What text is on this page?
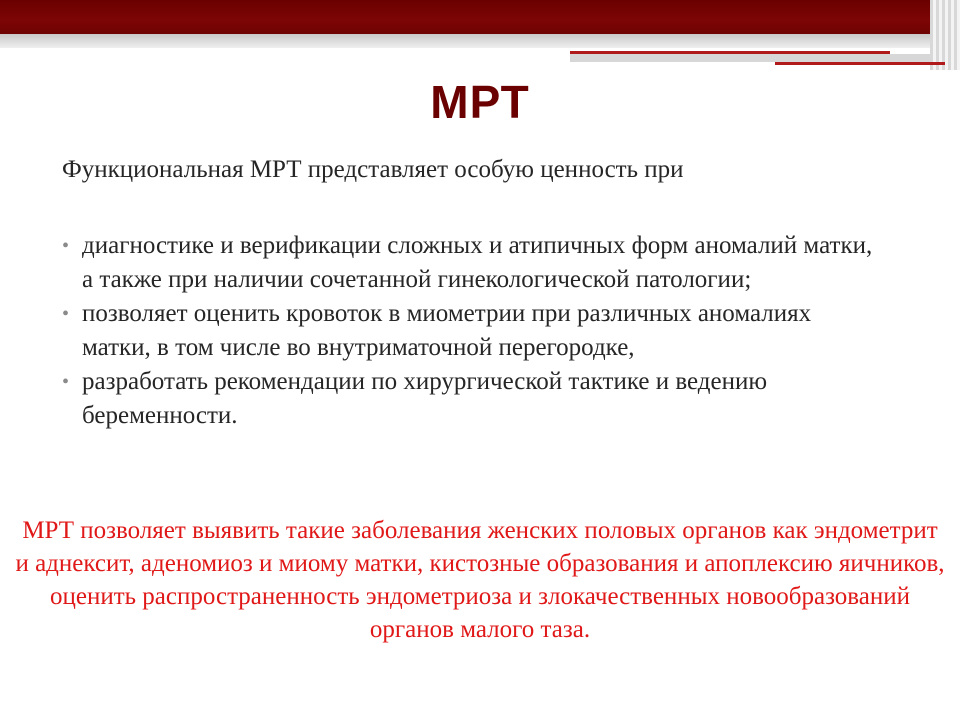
МРТ
Функциональная МРТ представляет особую ценность при
• диагностике и верификации сложных и атипичных форм аномалий матки, а также при наличии сочетанной гинекологической патологии;
• позволяет оценить кровоток в миометрии при различных аномалиях матки, в том числе во внутриматочной перегородке,
• разработать рекомендации по хирургической тактике и ведению беременности.
МРТ позволяет выявить такие заболевания женских половых органов как эндометрит и аднексит, аденомиоз и миому матки, кистозные образования и апоплексию яичников, оценить распространенность эндометриоза и злокачественных новообразований органов малого таза.
